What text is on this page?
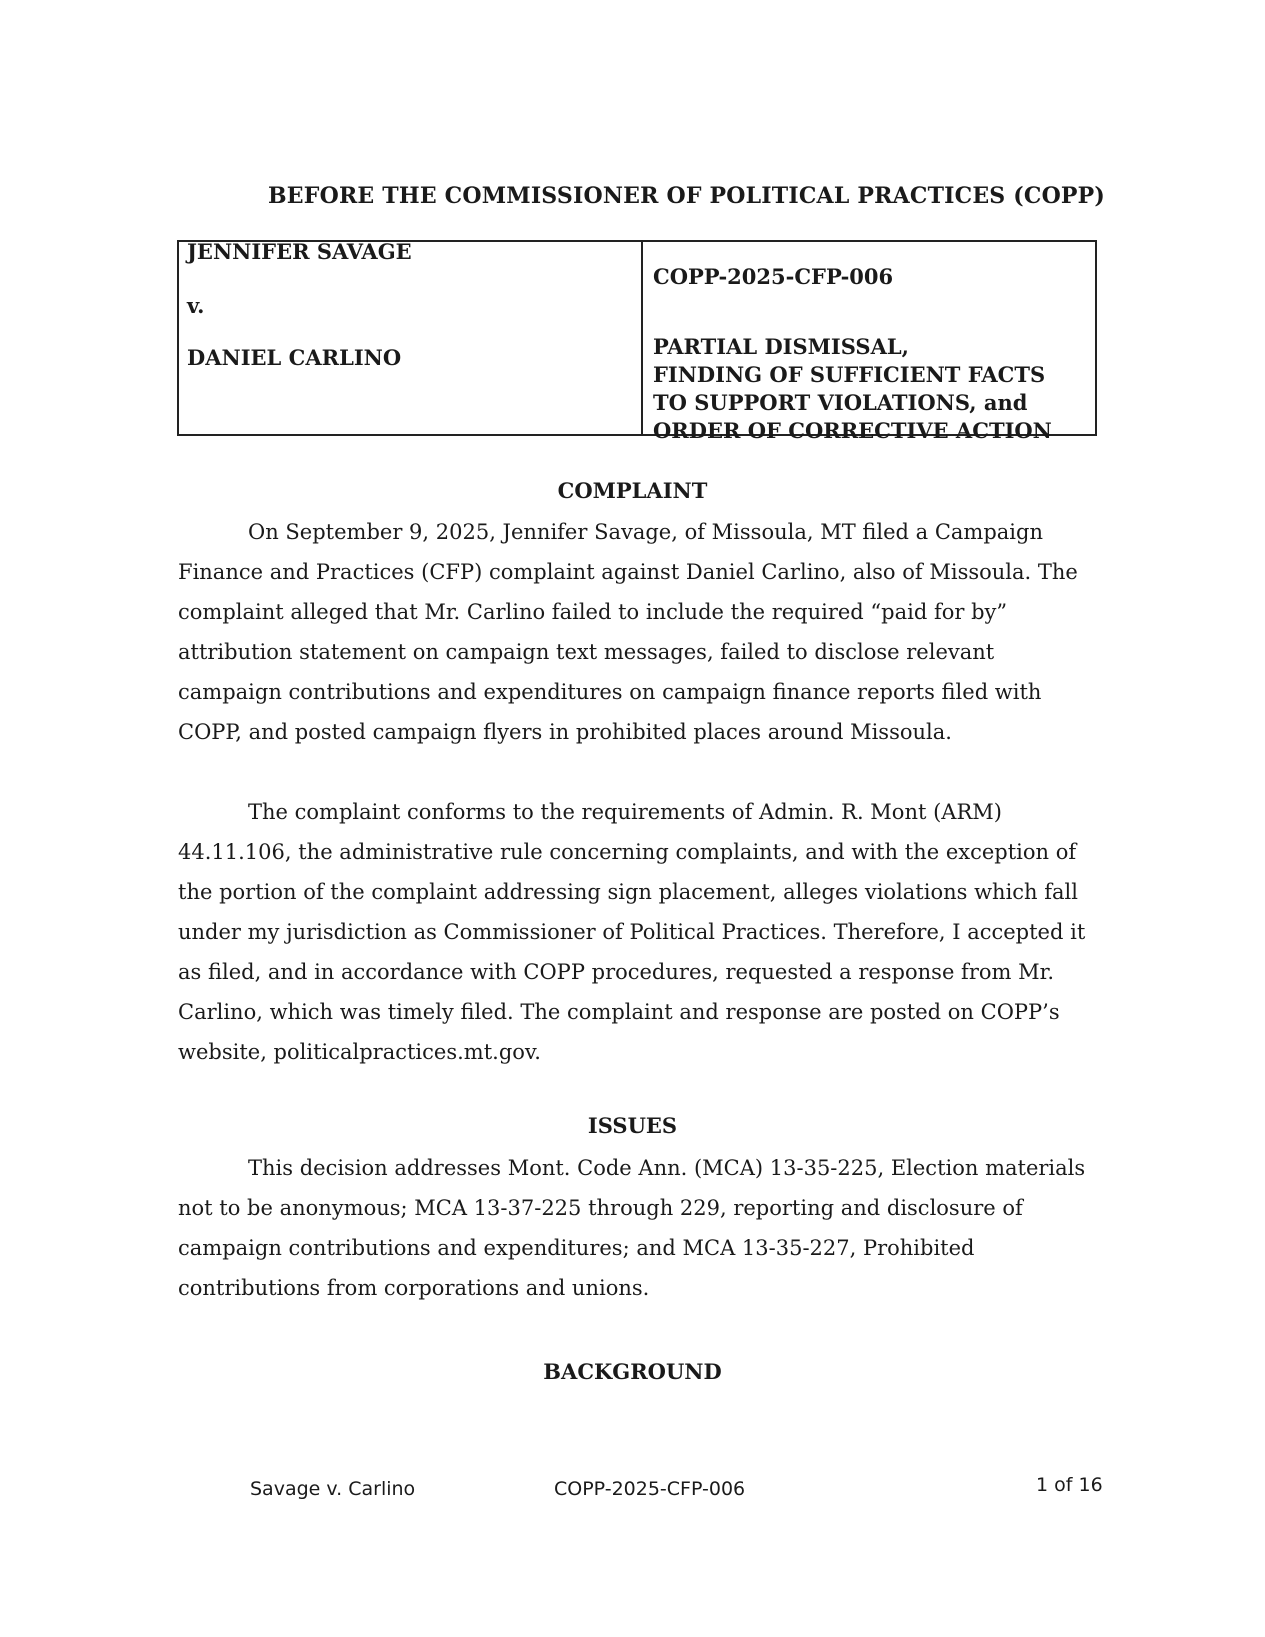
BEFORE THE COMMISSIONER OF POLITICAL PRACTICES (COPP)
JENNIFER SAVAGE
v.
DANIEL CARLINO
COPP-2025-CFP-006
PARTIAL DISMISSAL,
FINDING OF SUFFICIENT FACTS
TO SUPPORT VIOLATIONS, and
ORDER OF CORRECTIVE ACTION
COMPLAINT

On September 9, 2025, Jennifer Savage, of Missoula, MT filed a Campaign Finance and Practices (CFP) complaint against Daniel Carlino, also of Missoula. The complaint alleged that Mr. Carlino failed to include the required “paid for by” attribution statement on campaign text messages, failed to disclose relevant campaign contributions and expenditures on campaign finance reports filed with COPP, and posted campaign flyers in prohibited places around Missoula.

The complaint conforms to the requirements of Admin. R. Mont (ARM) 44.11.106, the administrative rule concerning complaints, and with the exception of the portion of the complaint addressing sign placement, alleges violations which fall under my jurisdiction as Commissioner of Political Practices. Therefore, I accepted it as filed, and in accordance with COPP procedures, requested a response from Mr. Carlino, which was timely filed. The complaint and response are posted on COPP’s website, politicalpractices.mt.gov.

ISSUES

This decision addresses Mont. Code Ann. (MCA) 13-35-225, Election materials not to be anonymous; MCA 13-37-225 through 229, reporting and disclosure of campaign contributions and expenditures; and MCA 13-35-227, Prohibited contributions from corporations and unions.

BACKGROUND
Savage v. Carlino	COPP-2025-CFP-006	1 of 16
